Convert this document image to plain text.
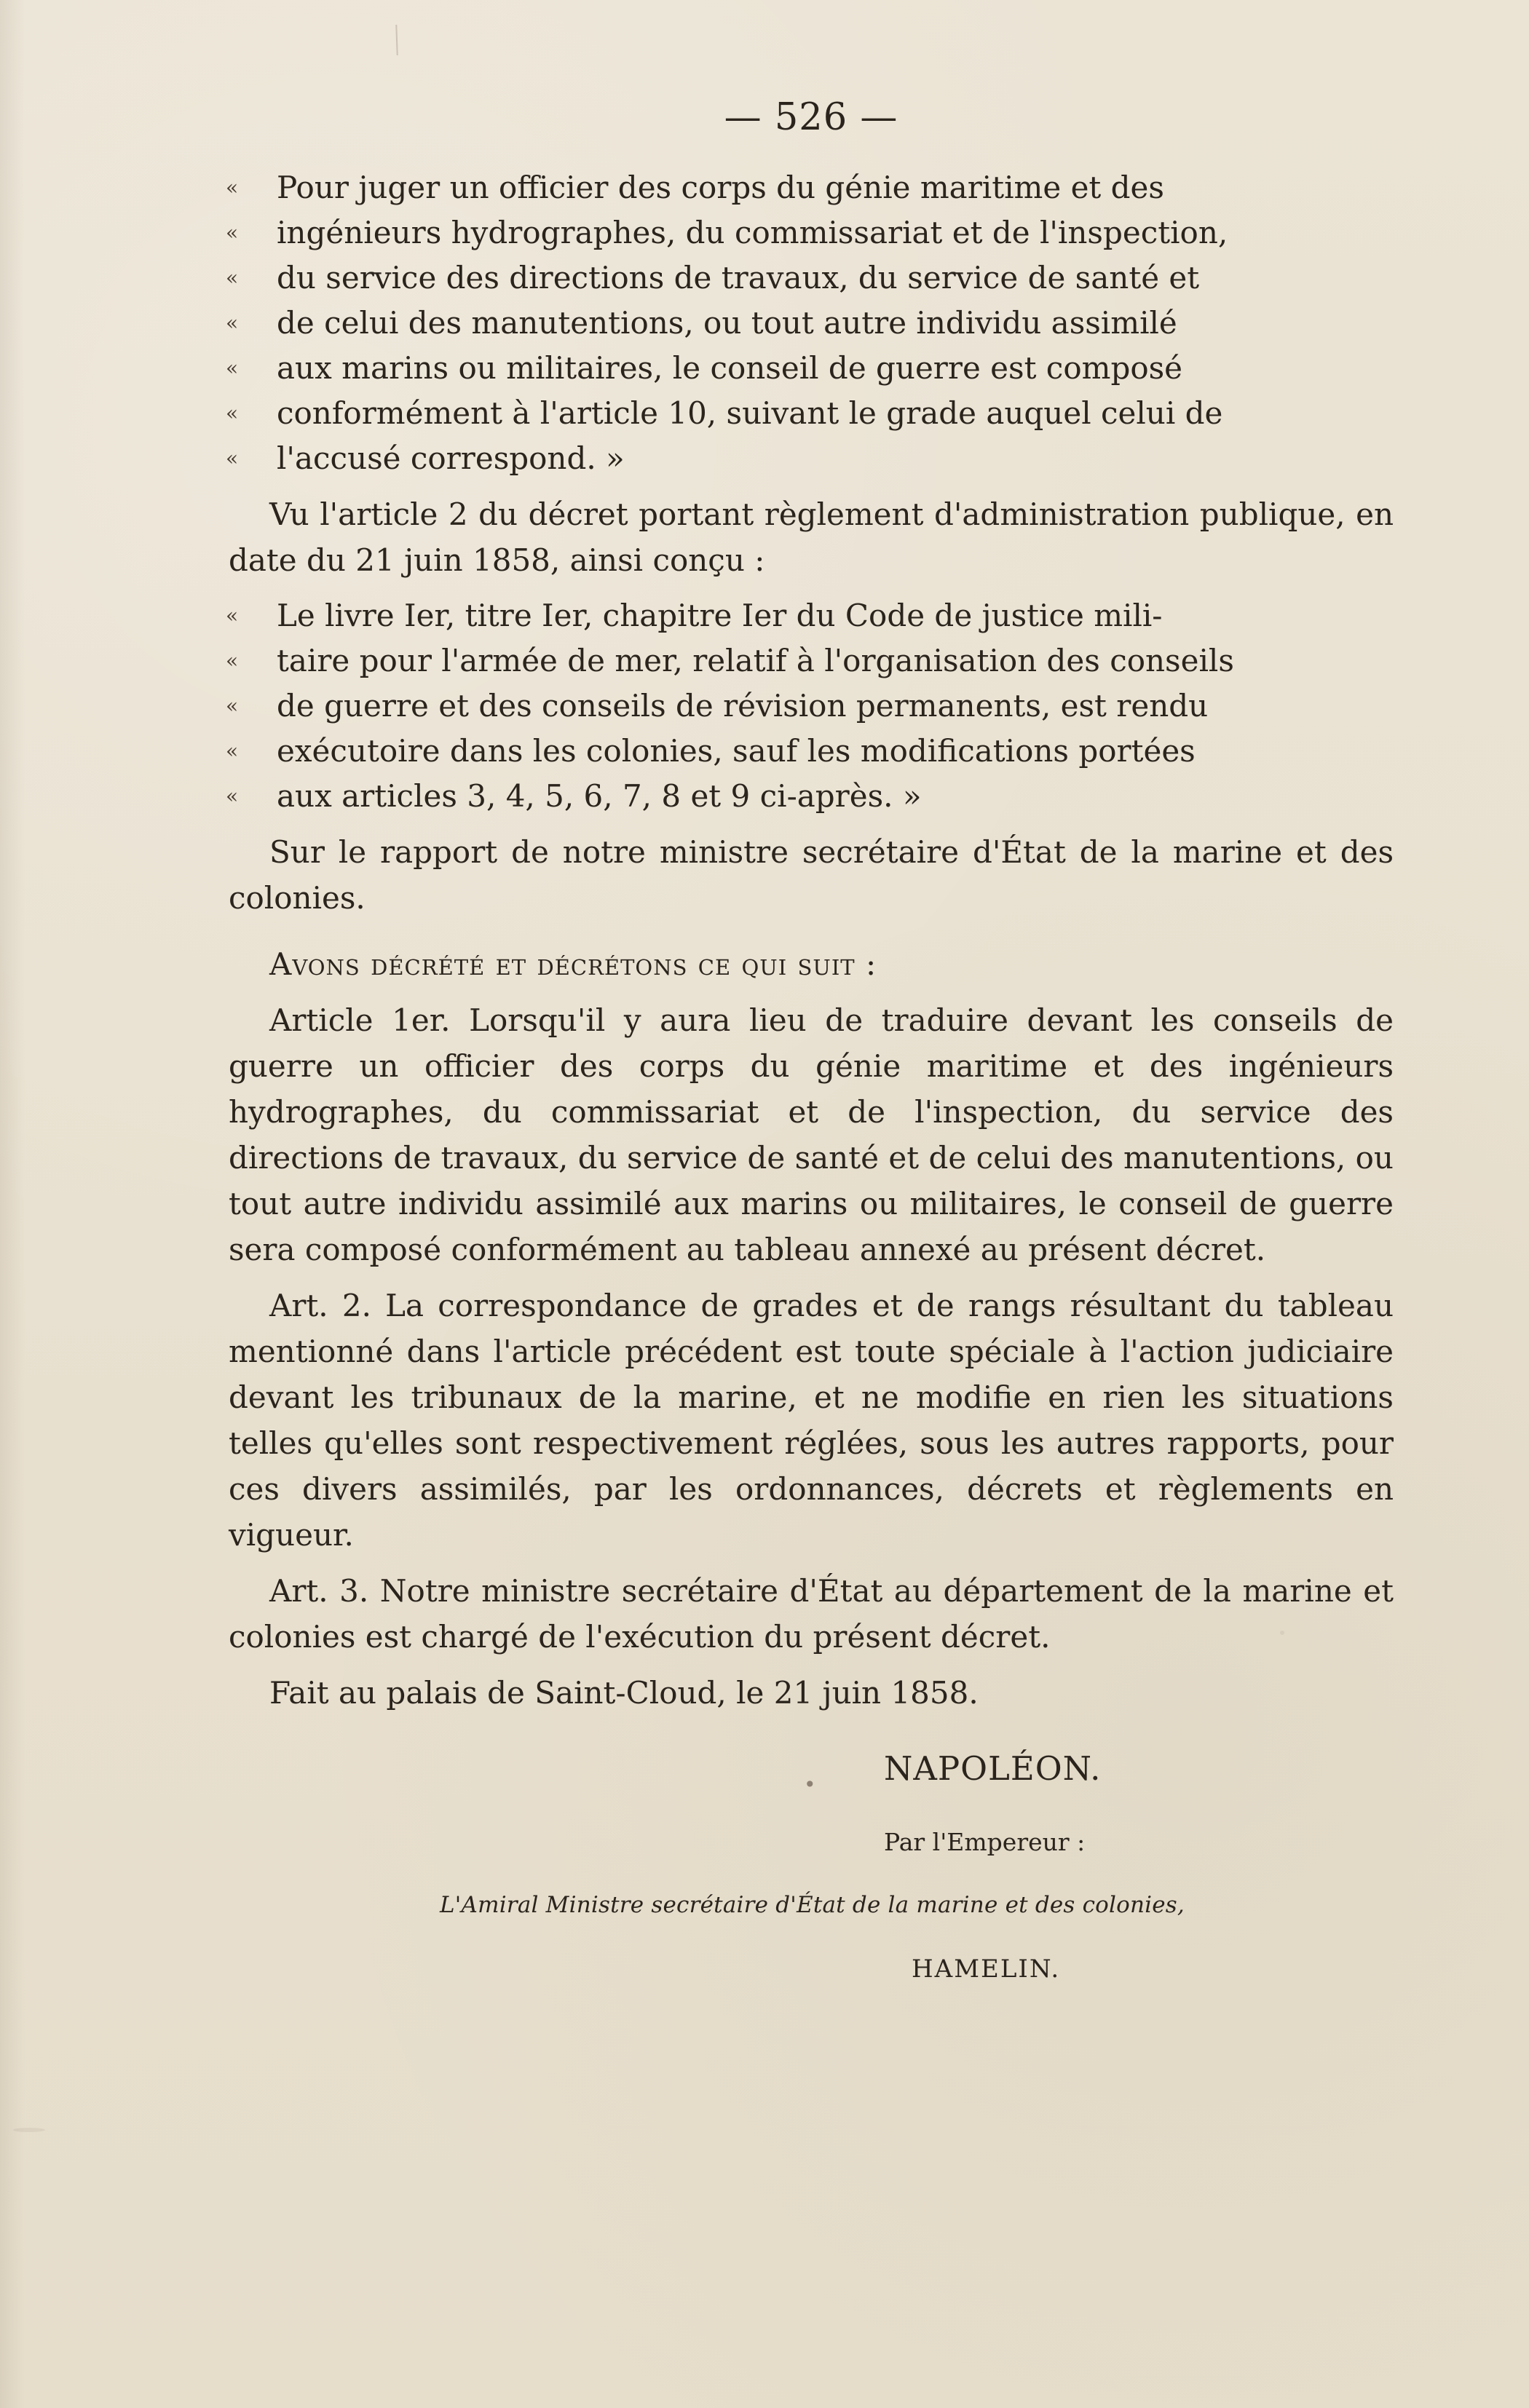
— 526 —
«	Pour juger un officier des corps du génie maritime et des
«	ingénieurs hydrographes, du commissariat et de l'inspection,
«	du service des directions de travaux, du service de santé et
«	de celui des manutentions, ou tout autre individu assimilé
«	aux marins ou militaires, le conseil de guerre est composé
«	conformément à l'article 10, suivant le grade auquel celui de
«	l'accusé correspond. »

Vu l'article 2 du décret portant règlement d'administration publique, en date du 21 juin 1858, ainsi conçu :

«	Le livre Ier, titre Ier, chapitre Ier du Code de justice mili-
«	taire pour l'armée de mer, relatif à l'organisation des conseils
«	de guerre et des conseils de révision permanents, est rendu
«	exécutoire dans les colonies, sauf les modifications portées
«	aux articles 3, 4, 5, 6, 7, 8 et 9 ci-après. »

Sur le rapport de notre ministre secrétaire d'État de la marine et des colonies.

Avons décrété et décrétons ce qui suit :

Article 1er. Lorsqu'il y aura lieu de traduire devant les conseils de guerre un officier des corps du génie maritime et des ingénieurs hydrographes, du commissariat et de l'inspection, du service des directions de travaux, du service de santé et de celui des manutentions, ou tout autre individu assimilé aux marins ou militaires, le conseil de guerre sera composé conformément au tableau annexé au présent décret.

Art. 2. La correspondance de grades et de rangs résultant du tableau mentionné dans l'article précédent est toute spéciale à l'action judiciaire devant les tribunaux de la marine, et ne modifie en rien les situations telles qu'elles sont respectivement réglées, sous les autres rapports, pour ces divers assimilés, par les ordonnances, décrets et règlements en vigueur.

Art. 3. Notre ministre secrétaire d'État au département de la marine et colonies est chargé de l'exécution du présent décret.

Fait au palais de Saint-Cloud, le 21 juin 1858.

• NAPOLÉON.
Par l'Empereur :
L'Amiral Ministre secrétaire d'État de la marine et des colonies,
HAMELIN.
